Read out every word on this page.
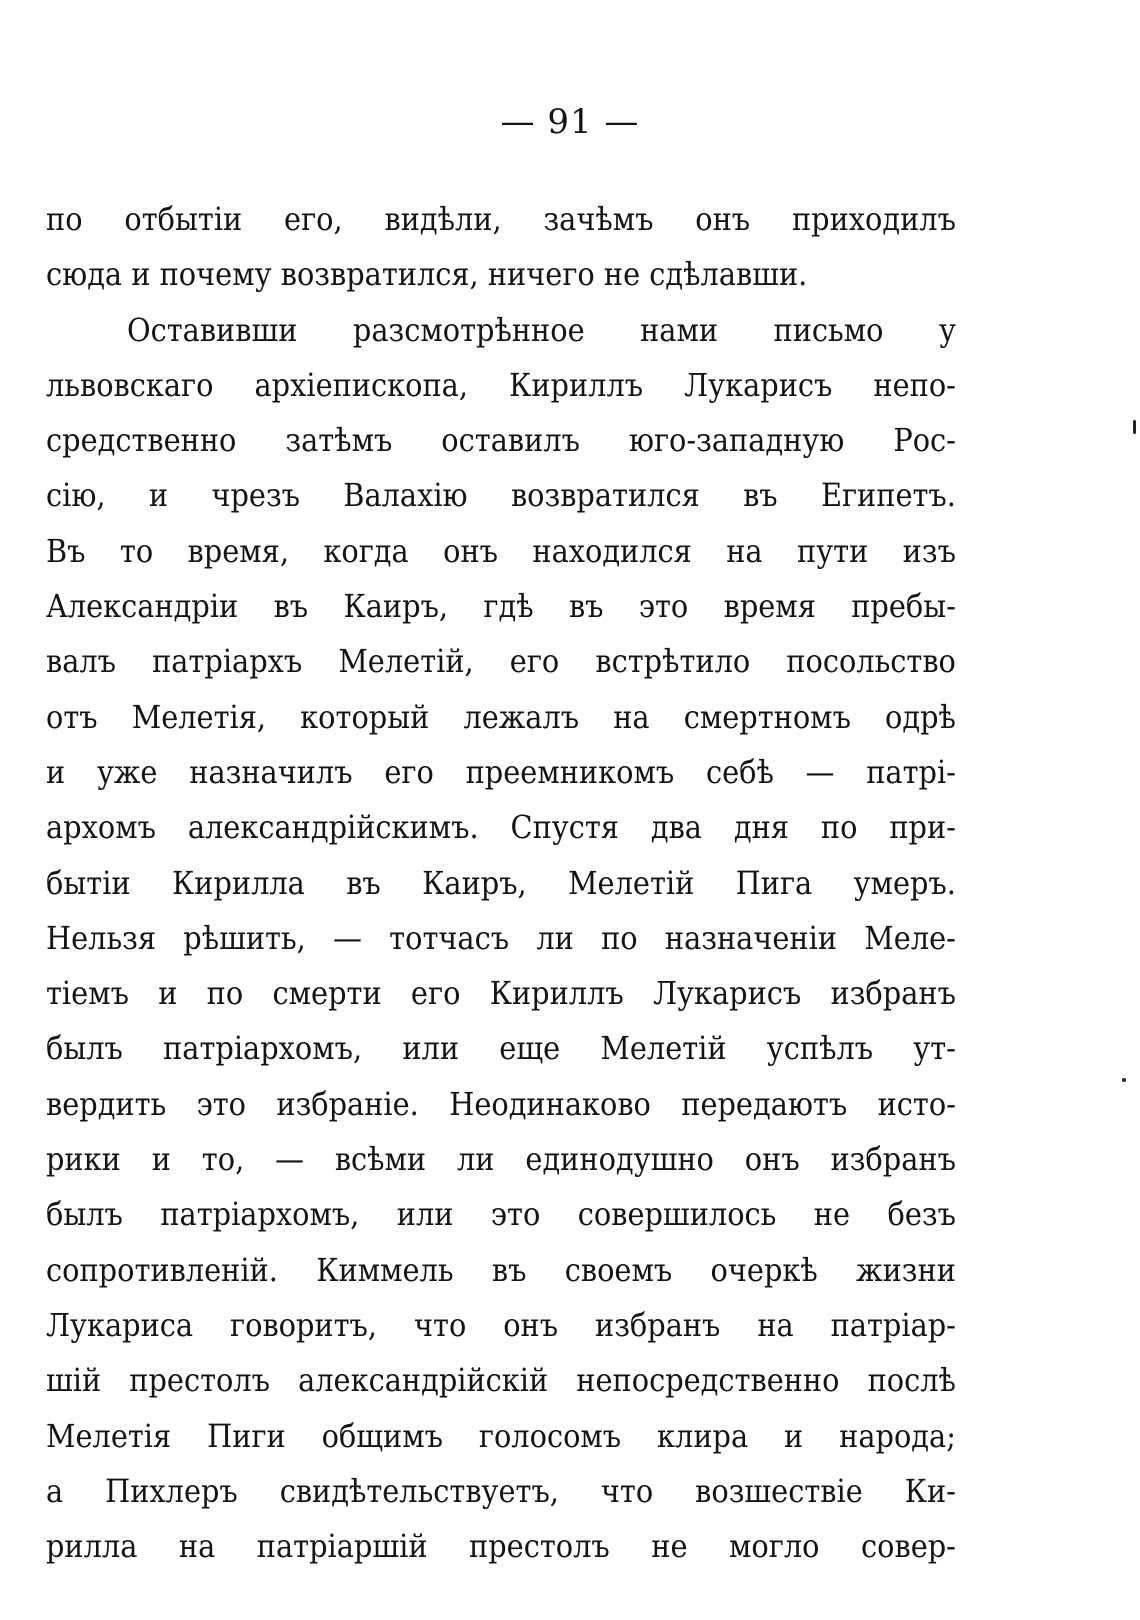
— 91 —
по отбытіи его, видѣли, зачѣмъ онъ приходилъ
сюда и почему возвратился, ничего не сдѣлавши.
Оставивши разсмотрѣнное нами письмо у
львовскаго архіепископа, Кириллъ Лукарисъ непо-
средственно затѣмъ оставилъ юго-западную Рос-
сію, и чрезъ Валахію возвратился въ Египетъ.
Въ то время, когда онъ находился на пути изъ
Александріи въ Каиръ, гдѣ въ это время пребы-
валъ патріархъ Мелетій, его встрѣтило посольство
отъ Мелетія, который лежалъ на смертномъ одрѣ
и уже назначилъ его преемникомъ себѣ — патрі-
архомъ александрійскимъ. Спустя два дня по при-
бытіи Кирилла въ Каиръ, Мелетій Пига умеръ.
Нельзя рѣшить, — тотчасъ ли по назначеніи Меле-
тіемъ и по смерти его Кириллъ Лукарисъ избранъ
былъ патріархомъ, или еще Мелетій успѣлъ ут-
вердить это избраніе. Неодинаково передаютъ исто-
рики и то, — всѣми ли единодушно онъ избранъ
былъ патріархомъ, или это совершилось не безъ
сопротивленій. Киммель въ своемъ очеркѣ жизни
Лукариса говоритъ, что онъ избранъ на патріар-
шій престолъ александрійскій непосредственно послѣ
Мелетія Пиги общимъ голосомъ клира и народа;
а Пихлеръ свидѣтельствуетъ, что возшествіе Ки-
рилла на патріаршій престолъ не могло совер-
